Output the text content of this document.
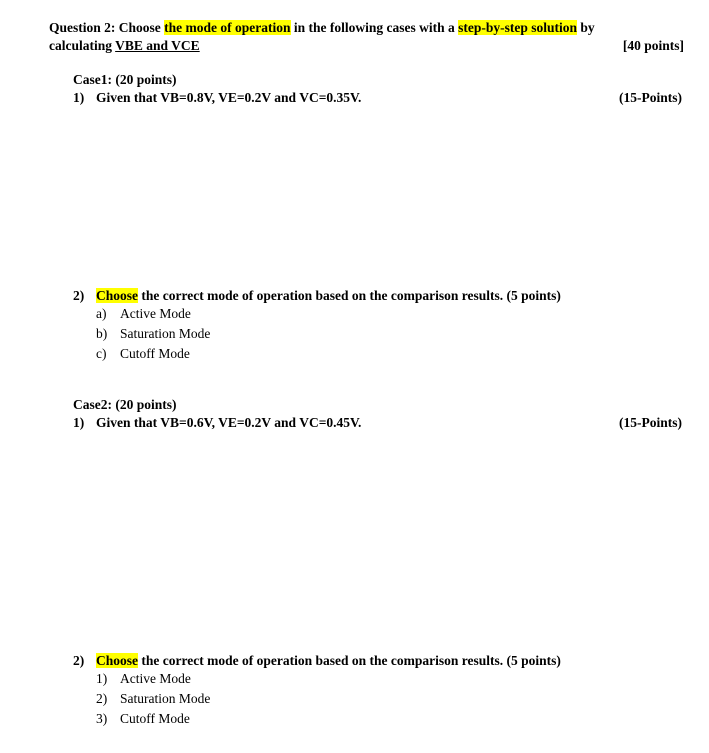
Question 2: Choose the mode of operation in the following cases with a step-by-step solution by
calculating VBE and VCE	[40 points]
Case1: (20 points)
1) Given that VB=0.8V, VE=0.2V and VC=0.35V.	(15-Points)
2) Choose the correct mode of operation based on the comparison results. (5 points)
a) Active Mode
b) Saturation Mode
c) Cutoff Mode
Case2: (20 points)
1) Given that VB=0.6V, VE=0.2V and VC=0.45V.	(15-Points)
2) Choose the correct mode of operation based on the comparison results. (5 points)
1) Active Mode
2) Saturation Mode
3) Cutoff Mode
